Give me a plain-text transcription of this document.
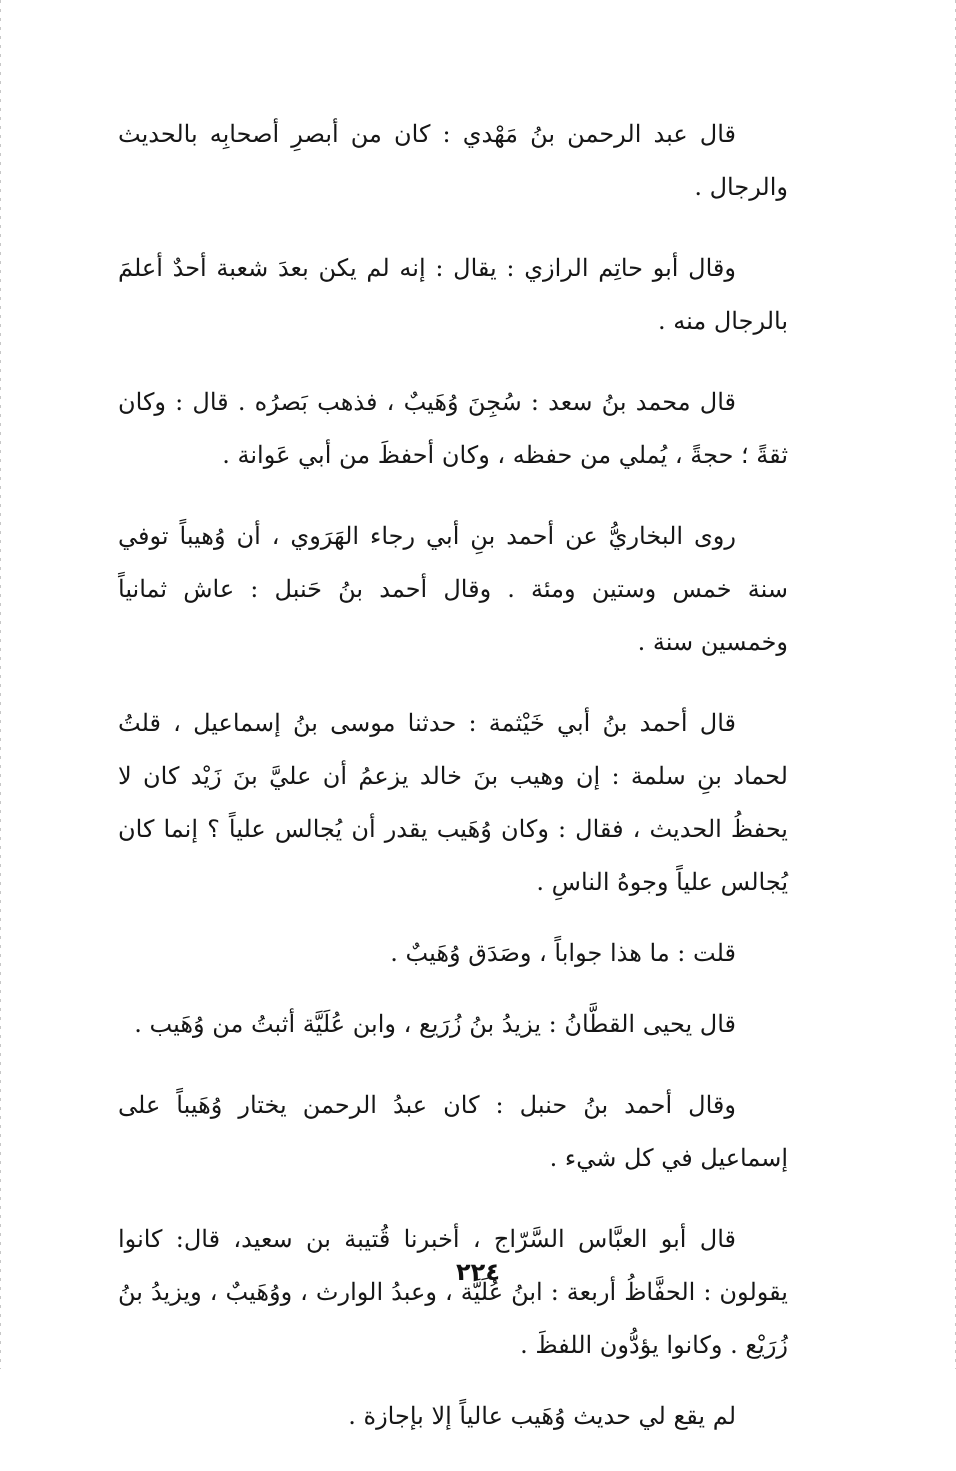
قال عبد الرحمن بنُ مَهْدي : كان من أبصرِ أصحابِه بالحديث والرجال .

وقال أبو حاتِم الرازي : يقال : إنه لم يكن بعدَ شعبة أحدٌ أعلمَ بالرجال منه .

قال محمد بنُ سعد : سُجِنَ وُهَيبٌ ، فذهب بَصرُه . قال : وكان ثقةً ؛ حجةً ، يُملي من حفظه ، وكان أحفظَ من أبي عَوانة .

روى البخاريُّ عن أحمد بنِ أبي رجاء الهَرَوي ، أن وُهيباً توفي سنة خمس وستين ومئة . وقال أحمد بنُ حَنبل : عاش ثمانياً وخمسين سنة .

قال أحمد بنُ أبي خَيْثمة : حدثنا موسى بنُ إسماعيل ، قلتُ لحماد بنِ سلمة : إن وهيب بنَ خالد يزعمُ أن عليَّ بنَ زَيْد كان لا يحفظُ الحديث ، فقال : وكان وُهَيب يقدر أن يُجالس علياً ؟ إنما كان يُجالس علياً وجوهُ الناسِ .

قلت : ما هذا جواباً ، وصَدَق وُهَيبٌ .

قال يحيى القطَّانُ : يزيدُ بنُ زُرَيع ، وابن عُلَيَّة أثبتُ من وُهَيب .

وقال أحمد بنُ حنبل : كان عبدُ الرحمن يختار وُهَيباً على إسماعيل في كل شيء .

قال أبو العبَّاس السَّرّاج ، أخبرنا قُتيبة بن سعيد، قال: كانوا يقولون : الحفَّاظُ أربعة : ابنُ عُلَيَّة ، وعبدُ الوارث ، ووُهَيبٌ ، ويزيدُ بنُ زُرَيْع . وكانوا يؤدُّون اللفظَ .

لم يقع لي حديث وُهَيب عالياً إلا بإجازة .

٢٢٤
